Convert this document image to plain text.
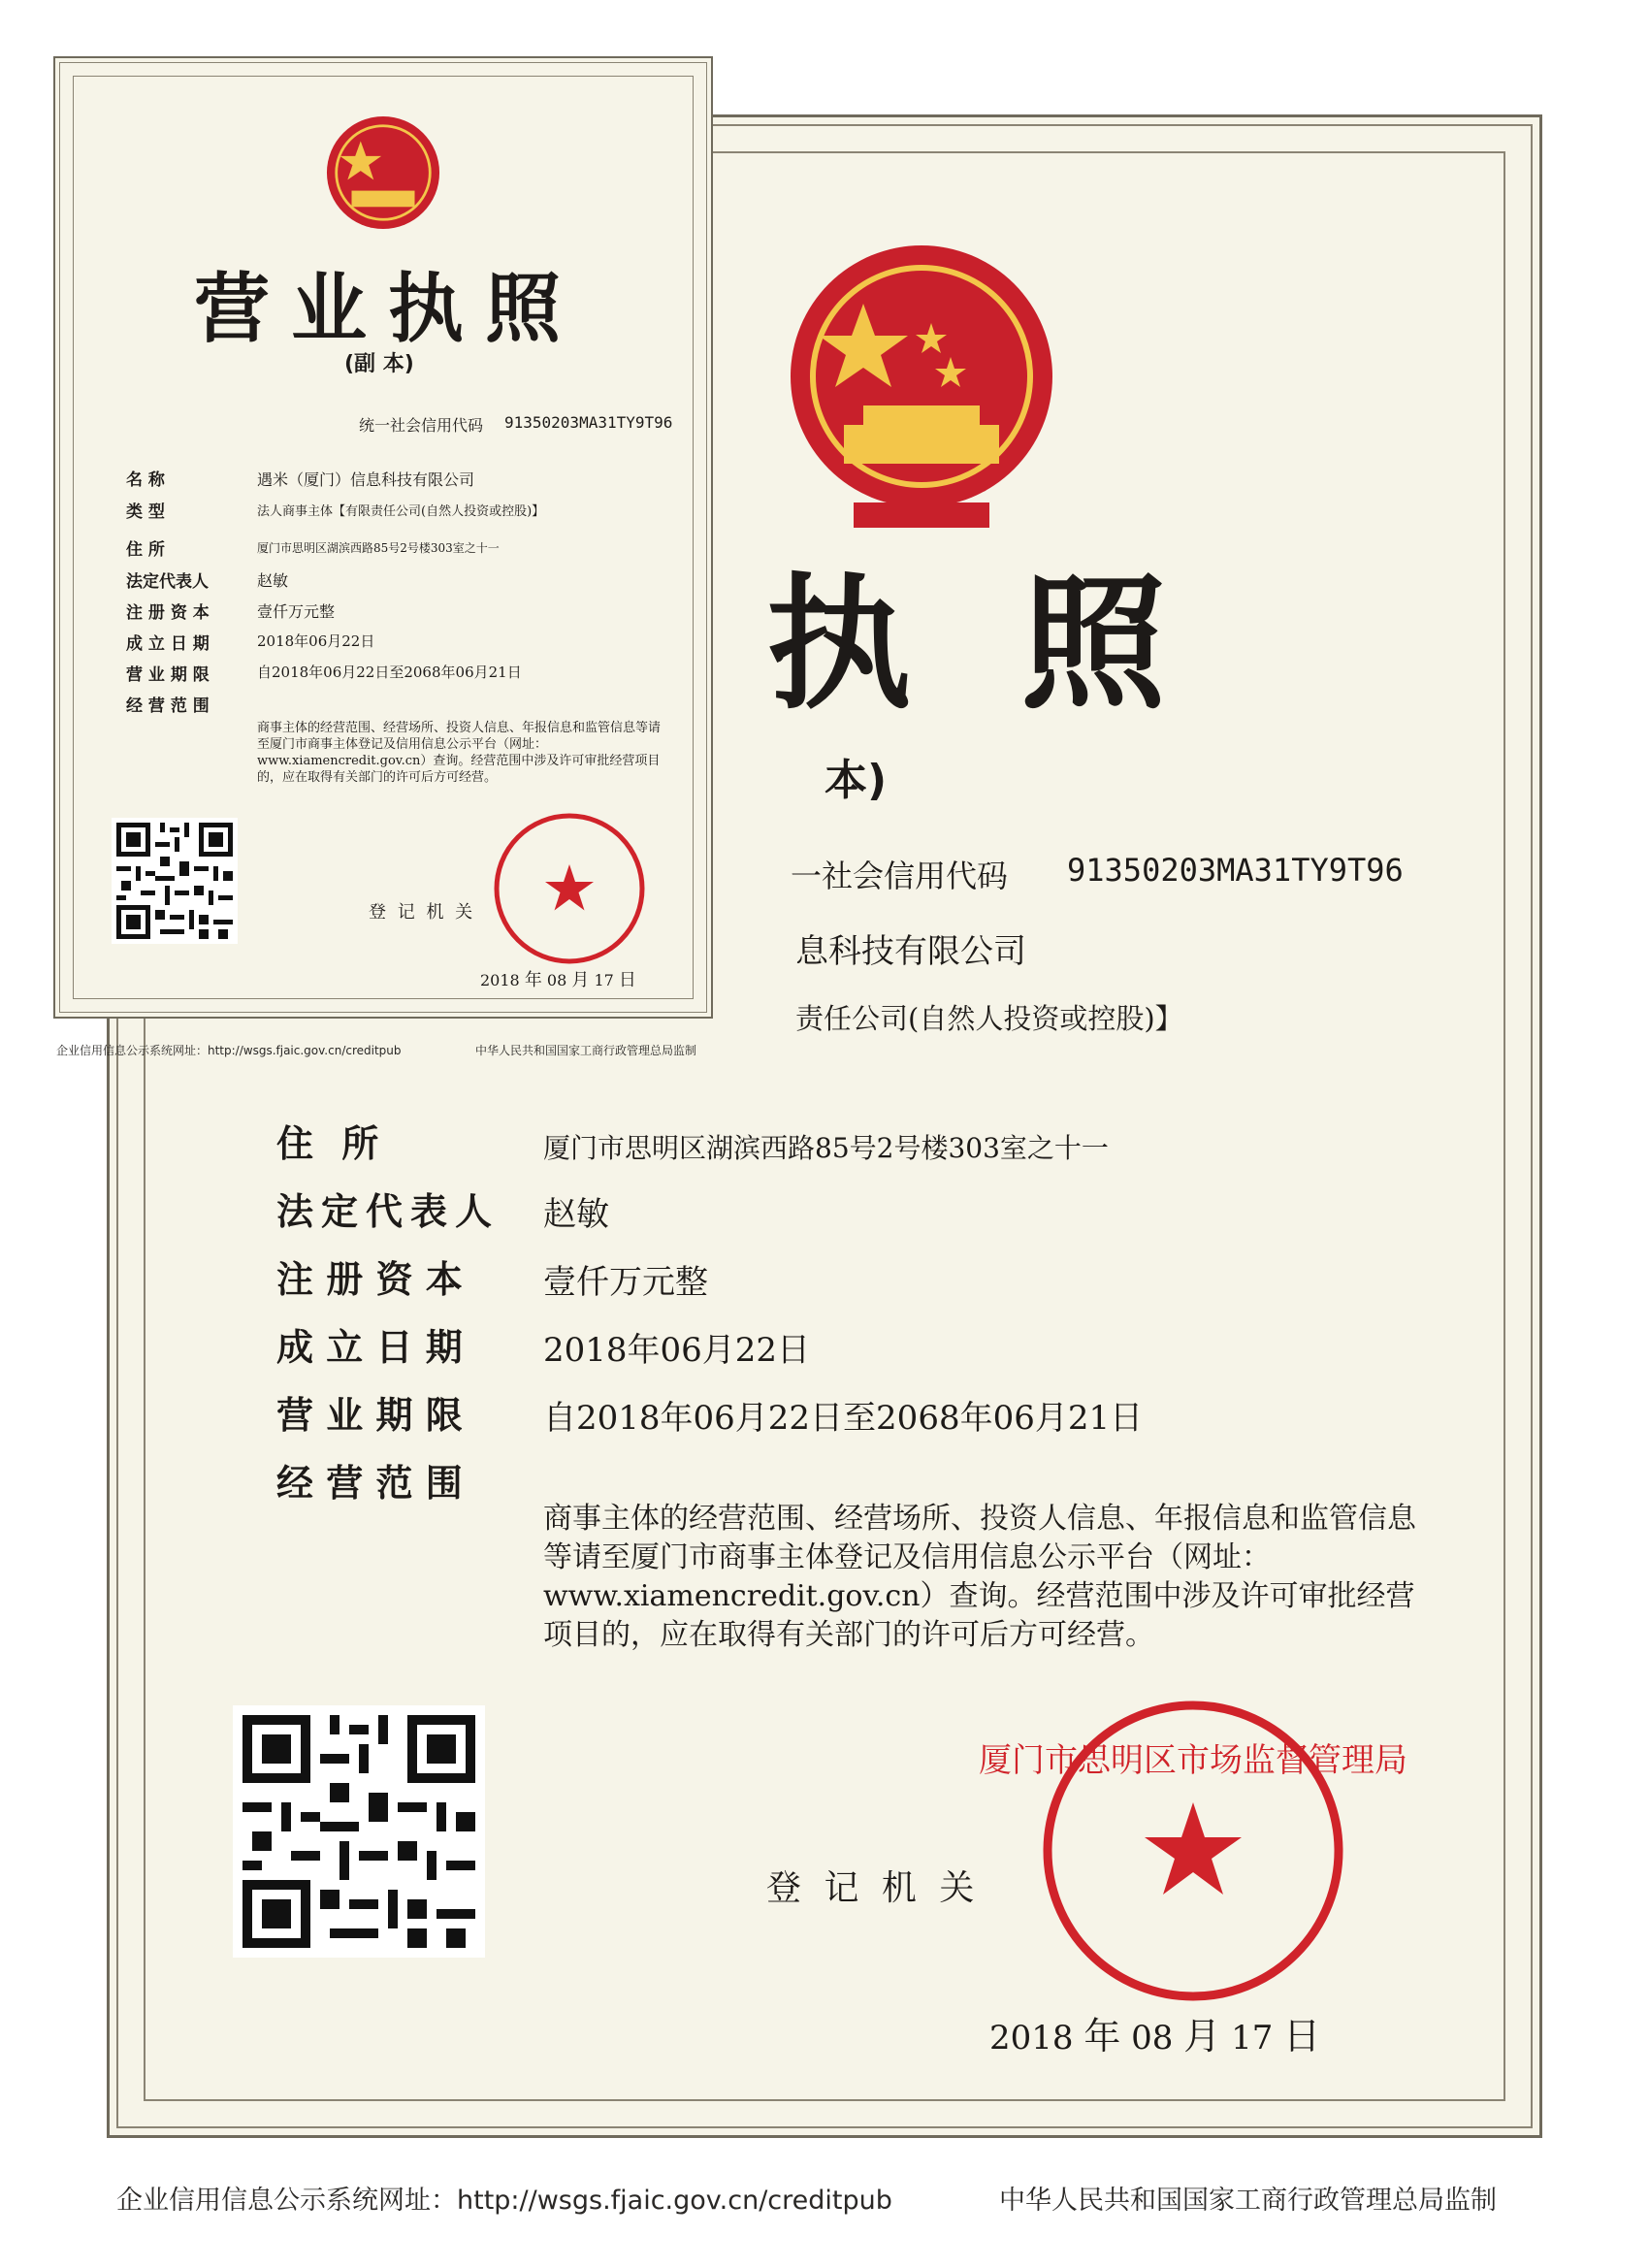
执 照
本)
一社会信用代码 91350203MA31TY9T96
息科技有限公司
责任公司(自然人投资或控股)】
住 所	厦门市思明区湖滨西路85号2号楼303室之十一
法定代表人 赵敏
注 册 资 本 壹仟万元整
成 立 日 期 2018年06月22日
营 业 期 限 自2018年06月22日至2068年06月21日
经 营 范 围
商事主体的经营范围、经营场所、投资人信息、年报信息和监管信息等请至厦门市商事主体登记及信用信息公示平台（网址：www.xiamencredit.gov.cn）查询。经营范围中涉及许可审批经营项目的，应在取得有关部门的许可后方可经营。
登 记 机 关
厦门市思明区市场监督管理局
2018 年 08 月 17 日
企业信用信息公示系统网址：http://wsgs.fjaic.gov.cn/creditpub	中华人民共和国国家工商行政管理总局监制
营业执照
(副 本)
统一社会信用代码 91350203MA31TY9T96
名 称	遇米（厦门）信息科技有限公司
类 型	法人商事主体【有限责任公司(自然人投资或控股)】
住 所	厦门市思明区湖滨西路85号2号楼303室之十一
法定代表人	赵敏
注 册 资 本	壹仟万元整
成 立 日 期	2018年06月22日
营 业 期 限	自2018年06月22日至2068年06月21日
经 营 范 围
商事主体的经营范围、经营场所、投资人信息、年报信息和监管信息等请至厦门市商事主体登记及信用信息公示平台（网址：www.xiamencredit.gov.cn）查询。经营范围中涉及许可审批经营项目的，应在取得有关部门的许可后方可经营。
登 记 机 关
2018 年 08 月 17 日
企业信用信息公示系统网址：http://wsgs.fjaic.gov.cn/creditpub	中华人民共和国国家工商行政管理总局监制
